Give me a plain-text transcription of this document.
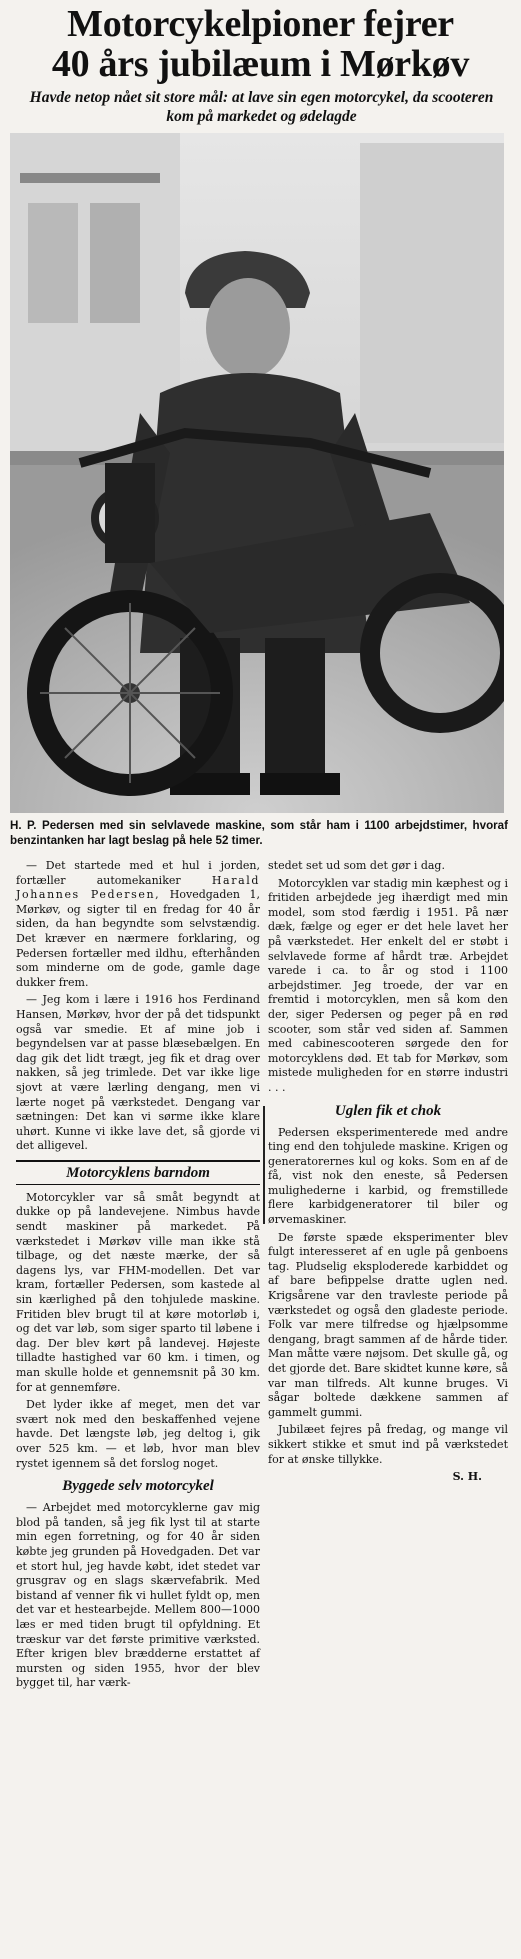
Motorcykelpioner fejrer
40 års jubilæum i Mørkøv

Havde netop nået sit store mål: at lave sin egen motorcykel, da scooteren kom på markedet og ødelagde

H. P. Pedersen med sin selvlavede maskine, som står ham i 1100 arbejdstimer, hvoraf benzintanken har lagt beslag på hele 52 timer.

— Det startede med et hul i jorden, fortæller automekaniker Harald Johannes Pedersen, Hovedgaden 1, Mørkøv, og sigter til en fredag for 40 år siden, da han begyndte som selvstændig. Det kræver en nærmere forklaring, og Pedersen fortæller med ildhu, efterhånden som minderne om de gode, gamle dage dukker frem.

— Jeg kom i lære i 1916 hos Ferdinand Hansen, Mørkøv, hvor der på det tidspunkt også var smedie. Et af mine job i begyndelsen var at passe blæsebælgen. En dag gik det lidt trægt, jeg fik et drag over nakken, så jeg trimlede. Det var ikke lige sjovt at være lærling dengang, men vi lærte noget på værkstedet. Dengang var sætningen: Det kan vi sørme ikke klare uhørt. Kunne vi ikke lave det, så gjorde vi det alligevel.

Motorcyklens barndom

Motorcykler var så småt begyndt at dukke op på landevejene. Nimbus havde sendt maskiner på markedet. På værkstedet i Mørkøv ville man ikke stå tilbage, og det næste mærke, der så dagens lys, var FHM-modellen. Det var kram, fortæller Pedersen, som kastede al sin kærlighed på den tohjulede maskine. Fritiden blev brugt til at køre motorløb i, og det var løb, som siger sparto til løbene i dag. Der blev kørt på landevej. Højeste tilladte hastighed var 60 km. i timen, og man skulle holde et gennemsnit på 30 km. for at gennemføre.

Det lyder ikke af meget, men det var svært nok med den beskaffenhed vejene havde. Det længste løb, jeg deltog i, gik over 525 km. — et løb, hvor man blev rystet igennem så det forslog noget.

Byggede selv motorcykel

— Arbejdet med motorcyklerne gav mig blod på tanden, så jeg fik lyst til at starte min egen forretning, og for 40 år siden købte jeg grunden på Hovedgaden. Det var et stort hul, jeg havde købt, idet stedet var grusgrav og en slags skærvefabrik. Med bistand af venner fik vi hullet fyldt op, men det var et hestearbejde. Mellem 800—1000 læs er med tiden brugt til opfyldning. Et træskur var det første primitive værksted. Efter krigen blev brædderne erstattet af mursten og siden 1955, hvor der blev bygget til, har værk-

stedet set ud som det gør i dag.

Motorcyklen var stadig min kæphest og i fritiden arbejdede jeg ihærdigt med min model, som stod færdig i 1951. På nær dæk, fælge og eger er det hele lavet her på værkstedet. Her enkelt del er støbt i selvlavede forme af hårdt træ. Arbejdet varede i ca. to år og stod i 1100 arbejdstimer. Jeg troede, der var en fremtid i motorcyklen, men så kom den der, siger Pedersen og peger på en rød scooter, som står ved siden af. Sammen med cabinescooteren sørgede den for motorcyklens død. Et tab for Mørkøv, som mistede muligheden for en større industri . . .

Uglen fik et chok

Pedersen eksperimenterede med andre ting end den tohjulede maskine. Krigen og generatorernes kul og koks. Som en af de få, vist nok den eneste, så Pedersen mulighederne i karbid, og fremstillede flere karbidgeneratorer til biler og ørvemaskiner.

De første spæde eksperimenter blev fulgt interesseret af en ugle på genboens tag. Pludselig eksploderede karbiddet og af bare befippelse dratte uglen ned. Krigsårene var den travleste periode på værkstedet og også den gladeste periode. Folk var mere tilfredse og hjælpsomme dengang, bragt sammen af de hårde tider. Man måtte være nøjsom. Det skulle gå, og det gjorde det. Bare skidtet kunne køre, så var man tilfreds. Alt kunne bruges. Vi sågar boltede dækkene sammen af gammelt gummi.

Jubilæet fejres på fredag, og mange vil sikkert stikke et smut ind på værkstedet for at ønske tillykke.

S. H.
